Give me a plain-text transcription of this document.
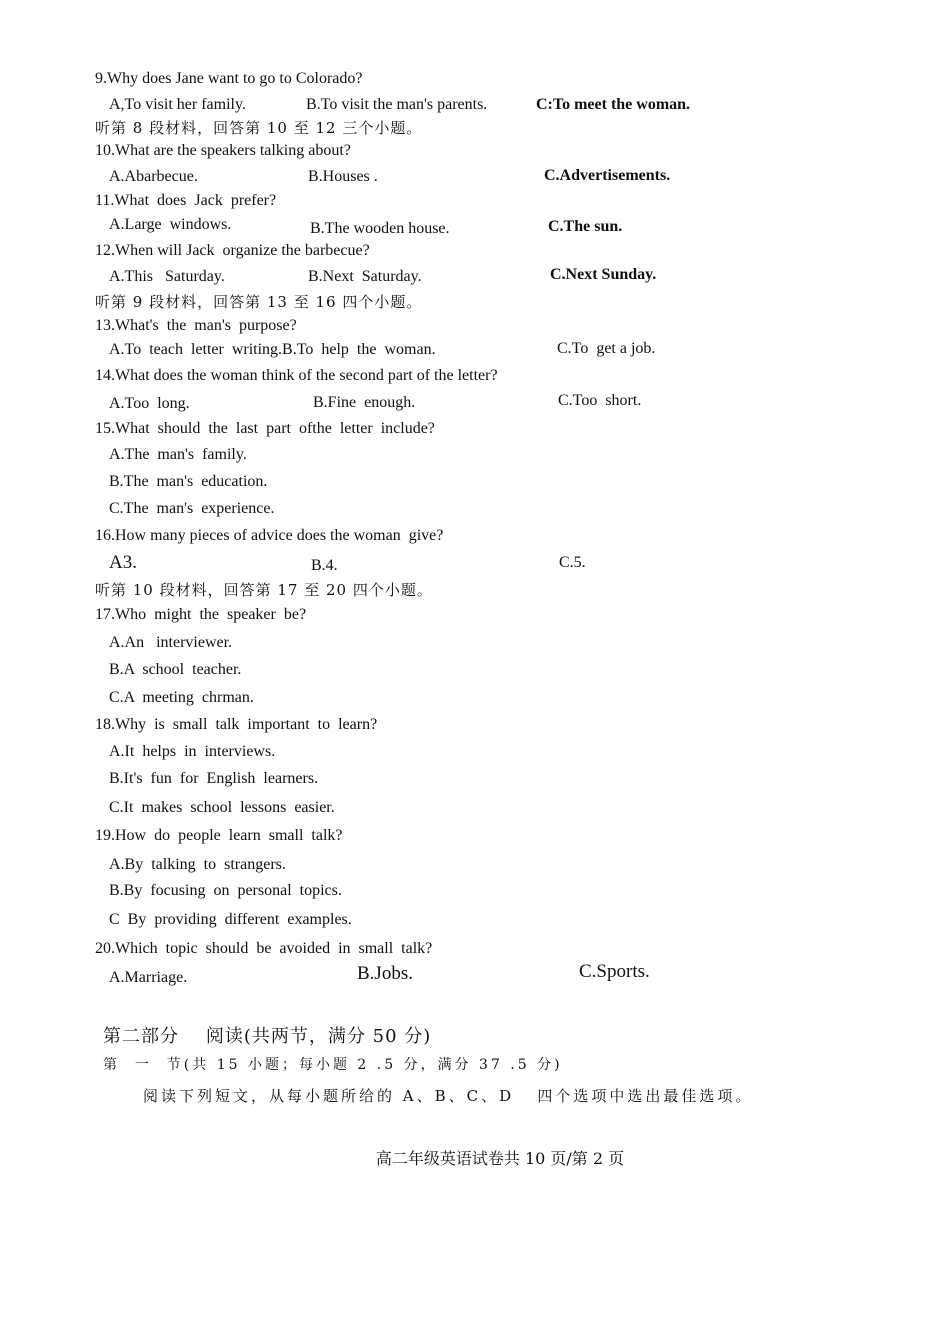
9.Why does Jane want to go to Colorado?
A,To visit her family.	B.To visit the man's parents.	C:To meet the woman.
听第 8 段材料，回答第 10 至 12 三个小题。
10.What are the speakers talking about?
A.Abarbecue.	B.Houses .	C.Advertisements.
11.What  does  Jack  prefer?
A.Large  windows.	B.The wooden house.	C.The sun.
12.When will Jack  organize the barbecue?
A.This   Saturday.	B.Next  Saturday.	C.Next Sunday.
听第 9 段材料，回答第 13 至 16 四个小题。
13.What's  the  man's  purpose?
A.To  teach  letter  writing.B.To  help  the  woman.	C.To  get a job.
14.What does the woman think of the second part of the letter?
A.Too  long.	B.Fine  enough.	C.Too  short.
15.What  should  the  last  part  ofthe  letter  include?
A.The  man's  family.
B.The  man's  education.
C.The  man's  experience.
16.How many pieces of advice does the woman  give?
A3.	B.4.	C.5.
听第 10 段材料，回答第 17 至 20 四个小题。
17.Who  might  the  speaker  be?
A.An   interviewer.
B.A  school  teacher.
C.A  meeting  chrman.
18.Why  is  small  talk  important  to  learn?
A.It  helps  in  interviews.
B.It's  fun  for  English  learners.
C.It  makes  school  lessons  easier.
19.How  do  people  learn  small  talk?
A.By  talking  to  strangers.
B.By  focusing  on  personal  topics.
C  By  providing  different  examples.
20.Which  topic  should  be  avoided  in  small  talk?
A.Marriage.	B.Jobs.	C.Sports.
第二部分    阅读(共两节，满分 50 分)
第  一  节(共 15 小题；每小题 2 .5 分，满分 37 .5 分)
阅读下列短文，从每小题所给的 A、B、C、D   四个选项中选出最佳选项。
高二年级英语试卷共 10 页/第 2 页
